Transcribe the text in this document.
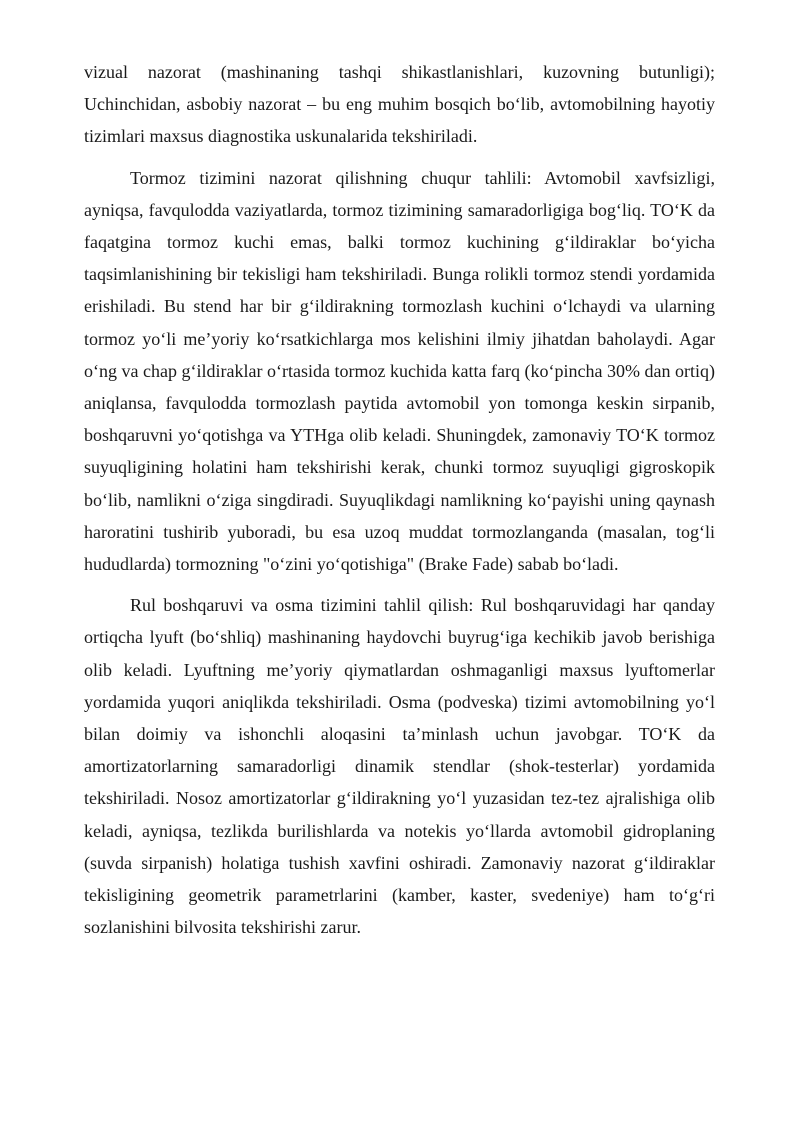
vizual nazorat (mashinaning tashqi shikastlanishlari, kuzovning butunligi); Uchinchidan, asbobiy nazorat – bu eng muhim bosqich bo‘lib, avtomobilning hayotiy tizimlari maxsus diagnostika uskunalarida tekshiriladi.

Tormoz tizimini nazorat qilishning chuqur tahlili: Avtomobil xavfsizligi, ayniqsa, favqulodda vaziyatlarda, tormoz tizimining samaradorligiga bog‘liq. TO‘K da faqatgina tormoz kuchi emas, balki tormoz kuchining g‘ildiraklar bo‘yicha taqsimlanishining bir tekisligi ham tekshiriladi. Bunga rolikli tormoz stendi yordamida erishiladi. Bu stend har bir g‘ildirakning tormozlash kuchini o‘lchaydi va ularning tormoz yo‘li me’yoriy ko‘rsatkichlarga mos kelishini ilmiy jihatdan baholaydi. Agar o‘ng va chap g‘ildiraklar o‘rtasida tormoz kuchida katta farq (ko‘pincha 30% dan ortiq) aniqlansa, favqulodda tormozlash paytida avtomobil yon tomonga keskin sirpanib, boshqaruvni yo‘qotishga va YTHga olib keladi. Shuningdek, zamonaviy TO‘K tormoz suyuqligining holatini ham tekshirishi kerak, chunki tormoz suyuqligi gigroskopik bo‘lib, namlikni o‘ziga singdiradi. Suyuqlikdagi namlikning ko‘payishi uning qaynash haroratini tushirib yuboradi, bu esa uzoq muddat tormozlanganda (masalan, tog‘li hududlarda) tormozning "o‘zini yo‘qotishiga" (Brake Fade) sabab bo‘ladi.

Rul boshqaruvi va osma tizimini tahlil qilish: Rul boshqaruvidagi har qanday ortiqcha lyuft (bo‘shliq) mashinaning haydovchi buyrug‘iga kechikib javob berishiga olib keladi. Lyuftning me’yoriy qiymatlardan oshmaganligi maxsus lyuftomerlar yordamida yuqori aniqlikda tekshiriladi. Osma (podveska) tizimi avtomobilning yo‘l bilan doimiy va ishonchli aloqasini ta’minlash uchun javobgar. TO‘K da amortizatorlarning samaradorligi dinamik stendlar (shok-testerlar) yordamida tekshiriladi. Nosoz amortizatorlar g‘ildirakning yo‘l yuzasidan tez-tez ajralishiga olib keladi, ayniqsa, tezlikda burilishlarda va notekis yo‘llarda avtomobil gidroplaning (suvda sirpanish) holatiga tushish xavfini oshiradi. Zamonaviy nazorat g‘ildiraklar tekisligining geometrik parametrlarini (kamber, kaster, svedeniye) ham to‘g‘ri sozlanishini bilvosita tekshirishi zarur.
